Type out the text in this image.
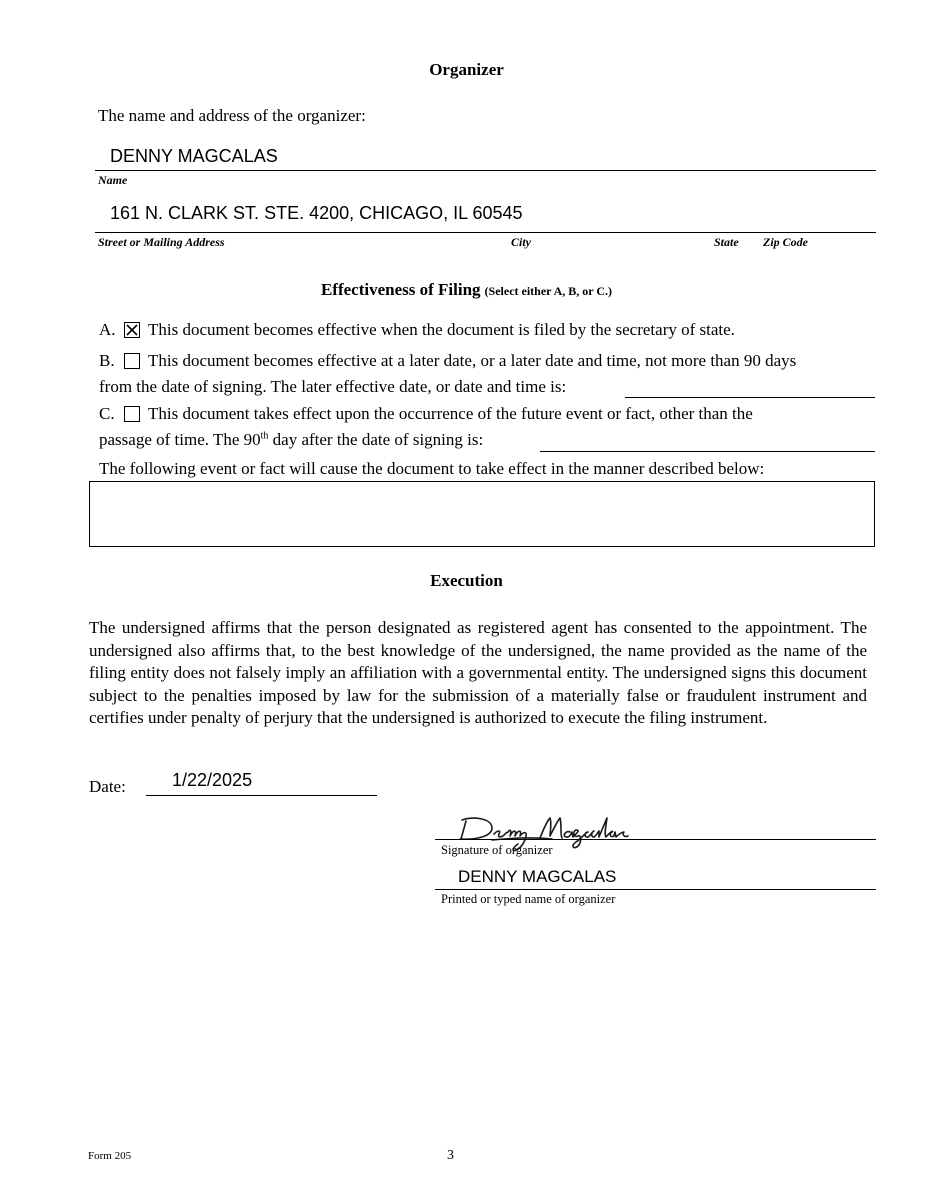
Organizer
The name and address of the organizer:
DENNY MAGCALAS
Name
161 N. CLARK ST. STE. 4200, CHICAGO, IL 60545
Street or Mailing Address	City	State Zip Code
Effectiveness of Filing (Select either A, B, or C.)
A. This document becomes effective when the document is filed by the secretary of state.
B. This document becomes effective at a later date, or a later date and time, not more than 90 days
from the date of signing. The later effective date, or date and time is:
C. This document takes effect upon the occurrence of the future event or fact, other than the
passage of time. The 90th day after the date of signing is:
The following event or fact will cause the document to take effect in the manner described below:
Execution
The undersigned affirms that the person designated as registered agent has consented to the appointment. The undersigned also affirms that, to the best knowledge of the undersigned, the name provided as the name of the filing entity does not falsely imply an affiliation with a governmental entity. The undersigned signs this document subject to the penalties imposed by law for the submission of a materially false or fraudulent instrument and certifies under penalty of perjury that the undersigned is authorized to execute the filing instrument.
Date:	1/22/2025
Signature of organizer
DENNY MAGCALAS
Printed or typed name of organizer
Form 205	3
